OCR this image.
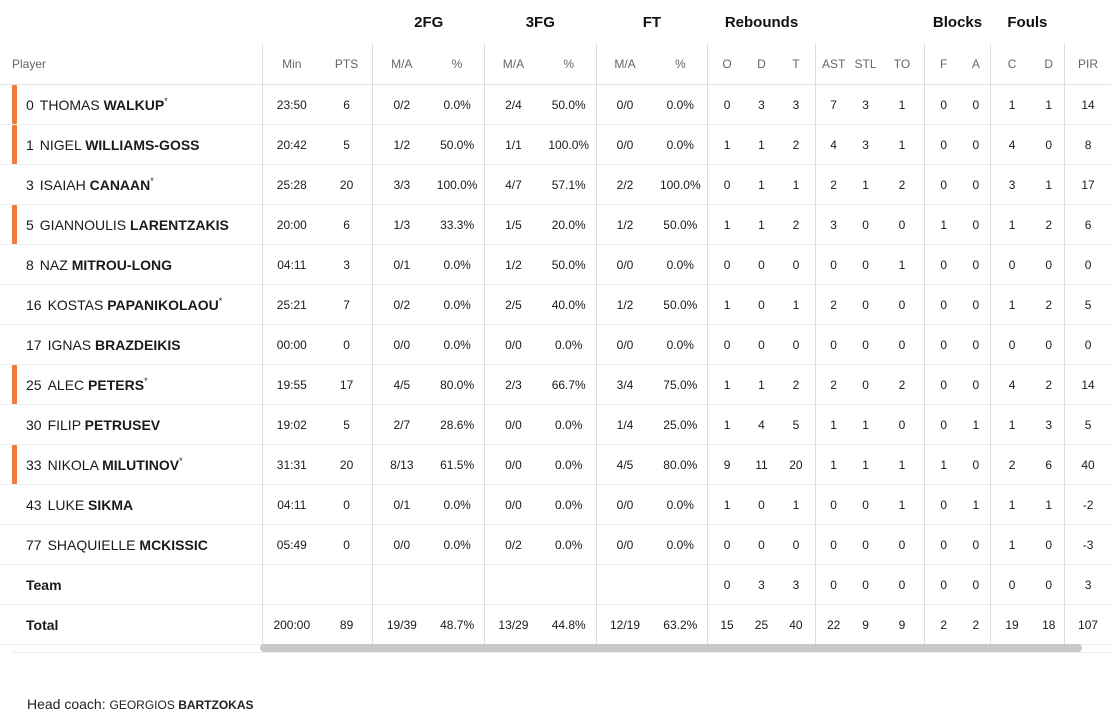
			2FG		3FG		FT		Rebounds						Blocks		Fouls		
Player	Min	PTS	M/A	%	M/A	%	M/A	%	O	D	T	AST	STL	TO	F	A	C	D	PIR

0 THOMAS WALKUP*	23:50	6	0/2	0.0%	2/4	50.0%	0/0	0.0%	0	3	3	7	3	1	0	0	1	1	14

1 NIGEL WILLIAMS-GOSS	20:42	5	1/2	50.0%	1/1	100.0%	0/0	0.0%	1	1	2	4	3	1	0	0	4	0	8
3 ISAIAH CANAAN*	25:28	20	3/3	100.0%	4/7	57.1%	2/2	100.0%	0	1	1	2	1	2	0	0	3	1	17

5 GIANNOULIS LARENTZAKIS	20:00	6	1/3	33.3%	1/5	20.0%	1/2	50.0%	1	1	2	3	0	0	1	0	1	2	6
8 NAZ MITROU-LONG	04:11	3	0/1	0.0%	1/2	50.0%	0/0	0.0%	0	0	0	0	0	1	0	0	0	0	0
16 KOSTAS PAPANIKOLAOU*	25:21	7	0/2	0.0%	2/5	40.0%	1/2	50.0%	1	0	1	2	0	0	0	0	1	2	5
17 IGNAS BRAZDEIKIS	00:00	0	0/0	0.0%	0/0	0.0%	0/0	0.0%	0	0	0	0	0	0	0	0	0	0	0

25 ALEC PETERS*	19:55	17	4/5	80.0%	2/3	66.7%	3/4	75.0%	1	1	2	2	0	2	0	0	4	2	14
30 FILIP PETRUSEV	19:02	5	2/7	28.6%	0/0	0.0%	1/4	25.0%	1	4	5	1	1	0	0	1	1	3	5

33 NIKOLA MILUTINOV*	31:31	20	8/13	61.5%	0/0	0.0%	4/5	80.0%	9	11	20	1	1	1	1	0	2	6	40
43 LUKE SIKMA	04:11	0	0/1	0.0%	0/0	0.0%	0/0	0.0%	1	0	1	0	0	1	0	1	1	1	-2
77 SHAQUIELLE MCKISSIC	05:49	0	0/0	0.0%	0/2	0.0%	0/0	0.0%	0	0	0	0	0	0	0	0	1	0	-3
Team									0	3	3	0	0	0	0	0	0	0	3
Total	200:00	89	19/39	48.7%	13/29	44.8%	12/19	63.2%	15	25	40	22	9	9	2	2	19	18	107
Head coach: GEORGIOS BARTZOKAS
